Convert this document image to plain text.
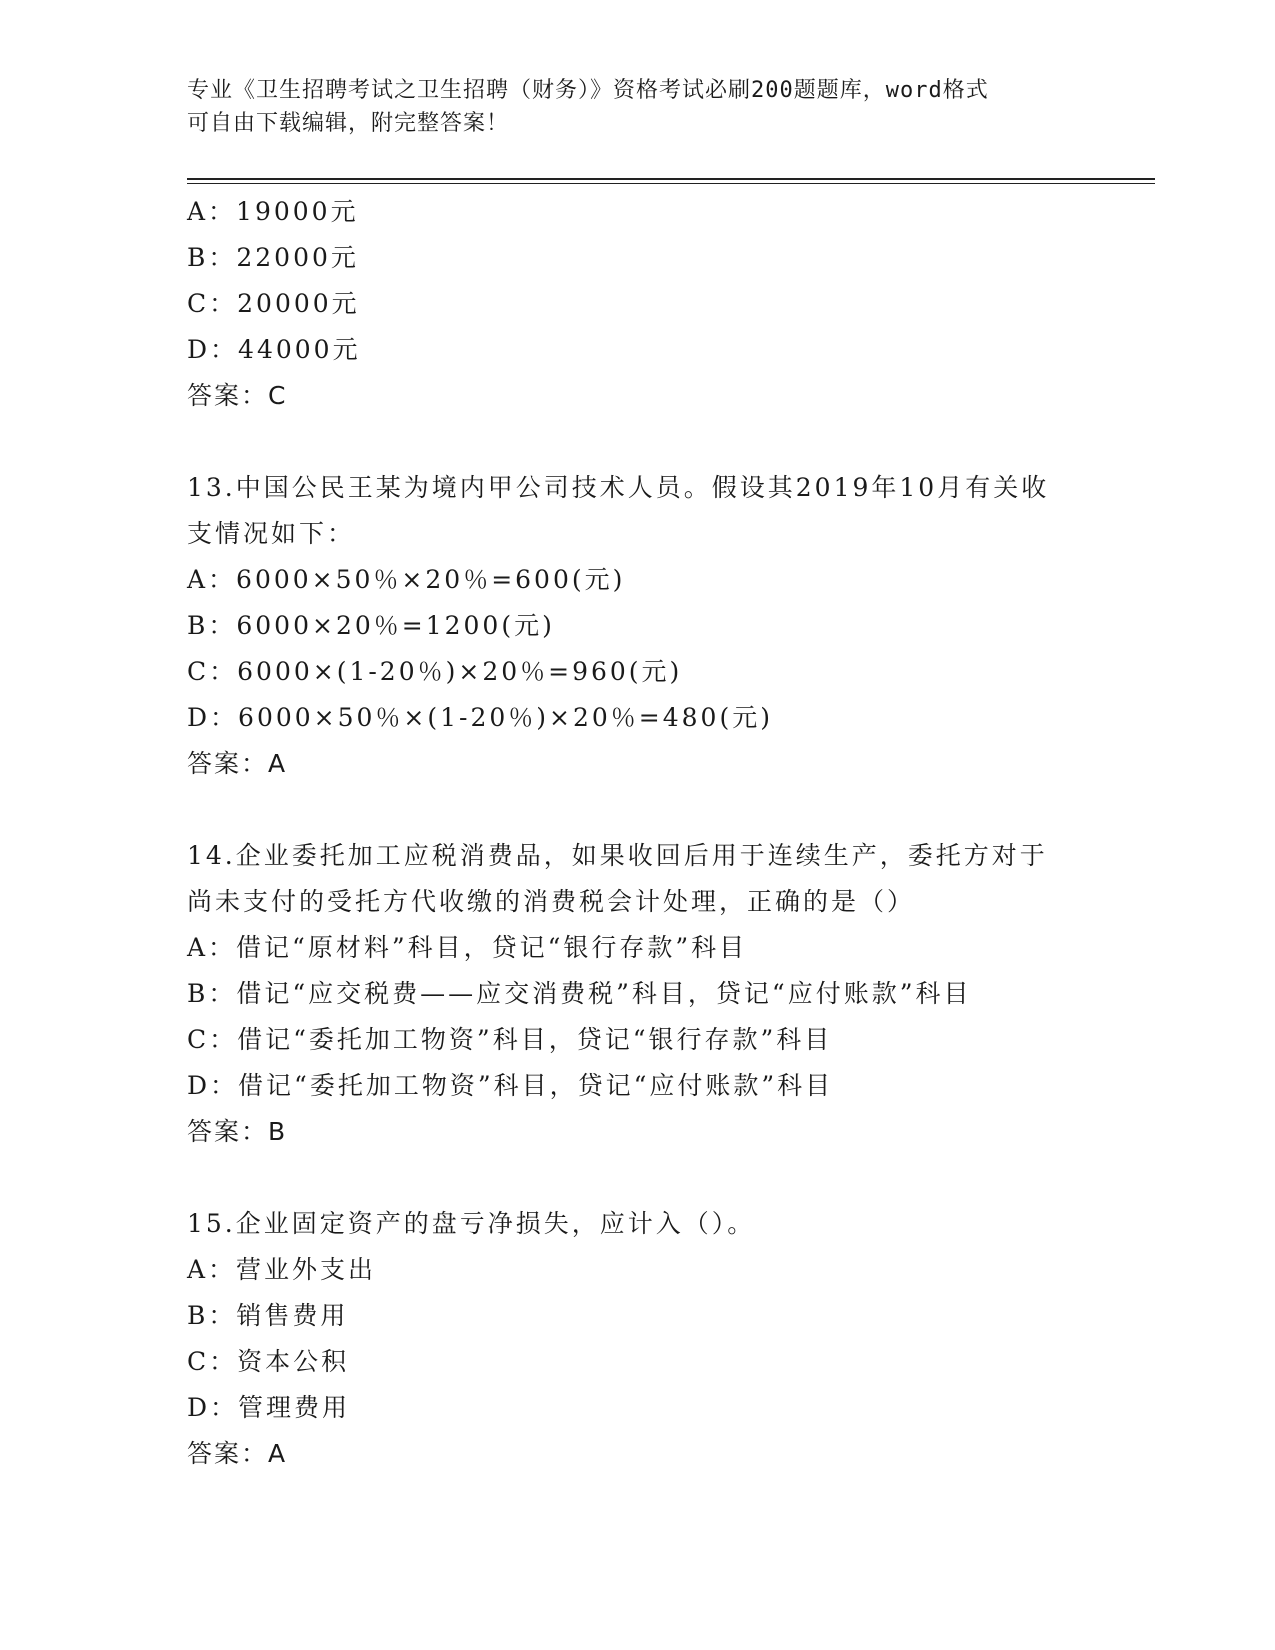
专业《卫生招聘考试之卫生招聘（财务）》资格考试必刷200题题库，word格式
可自由下载编辑，附完整答案！
A：19000元
B：22000元
C：20000元
D：44000元
答案：C
13.中国公民王某为境内甲公司技术人员。假设其2019年10月有关收
支情况如下：
A：6000×50％×20％=600(元)
B：6000×20％=1200(元)
C：6000×(1-20％)×20％=960(元)
D：6000×50％×(1-20％)×20％=480(元)
答案：A
14.企业委托加工应税消费品，如果收回后用于连续生产，委托方对于
尚未支付的受托方代收缴的消费税会计处理，正确的是（）
A：借记“原材料”科目，贷记“银行存款”科目
B：借记“应交税费——应交消费税”科目，贷记“应付账款”科目
C：借记“委托加工物资”科目，贷记“银行存款”科目
D：借记“委托加工物资”科目，贷记“应付账款”科目
答案：B
15.企业固定资产的盘亏净损失，应计入（）。
A：营业外支出
B：销售费用
C：资本公积
D：管理费用
答案：A
